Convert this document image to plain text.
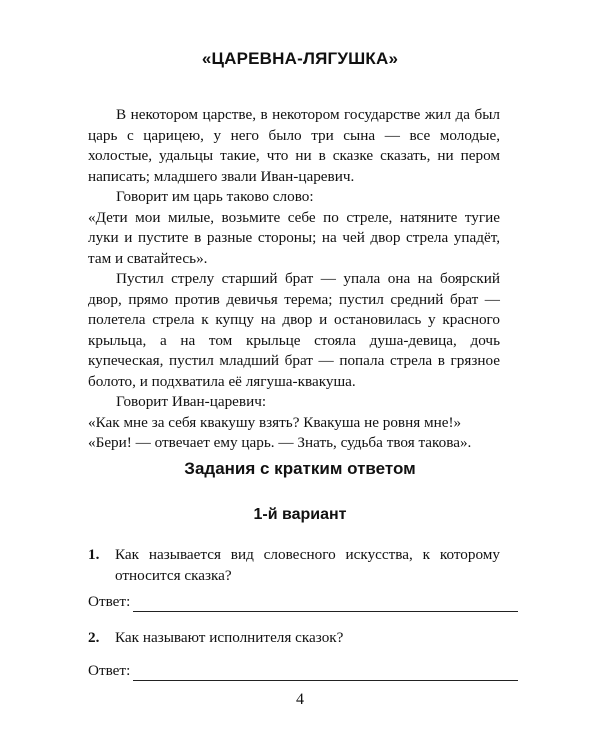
«ЦАРЕВНА-ЛЯГУШКА»

В некотором царстве, в некотором государстве жил да был царь с царицею, у него было три сына — все молодые, холостые, удальцы такие, что ни в сказке сказать, ни пером написать; младшего звали Иван-царевич.

Говорит им царь таково слово:

«Дети мои милые, возьмите себе по стреле, натяните тугие луки и пустите в разные стороны; на чей двор стрела упадёт, там и сватайтесь».

Пустил стрелу старший брат — упала она на боярский двор, прямо против девичья терема; пустил средний брат — полетела стрела к купцу на двор и остановилась у красного крыльца, а на том крыльце стояла душа-девица, дочь купеческая, пустил младший брат — попала стрела в грязное болото, и подхватила её лягуша-квакуша.

Говорит Иван-царевич:

«Как мне за себя квакушу взять? Квакуша не ровня мне!»

«Бери! — отвечает ему царь. — Знать, судьба твоя такова».

Задания с кратким ответом
1-й вариант
1. Как называется вид словесного искусства, к которому относится сказка?
Ответ:
2. Как называют исполнителя сказок?
Ответ:
4
